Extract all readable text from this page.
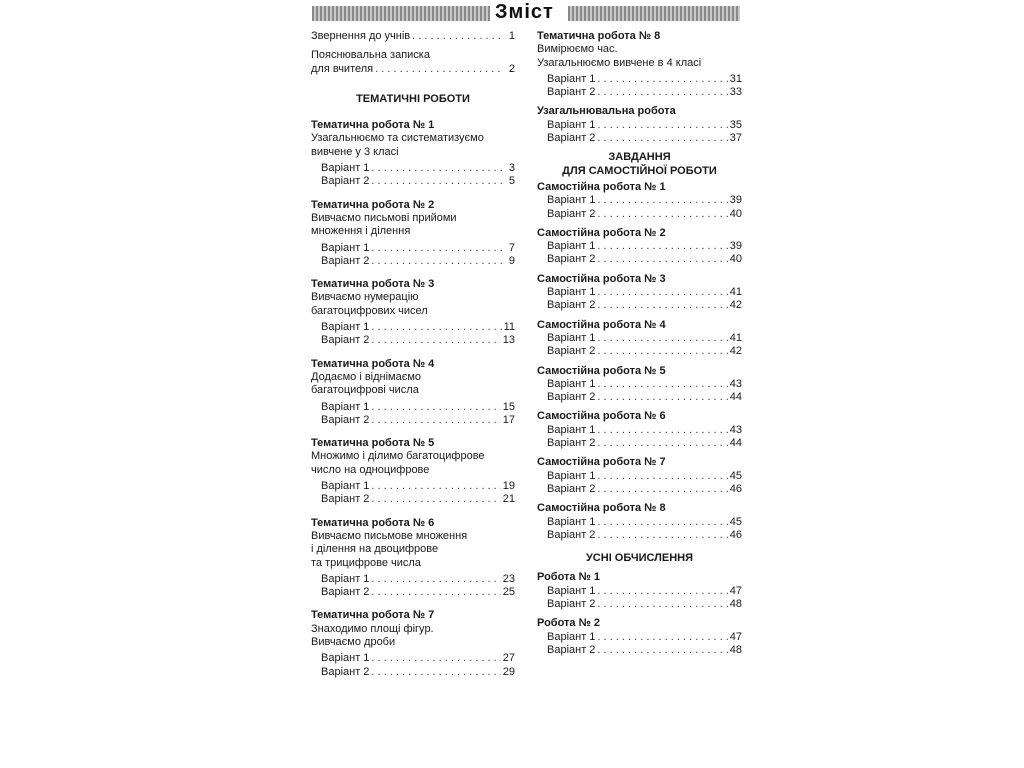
Зміст
Звернення до учнів . . .	1
Пояснювальна записка
для вчителя . . .	2
ТЕМАТИЧНІ РОБОТИ
Тематична робота № 1
Узагальнюємо та систематизуємо
вивчене у 3 класі
Варіант 1 . . .	3
Варіант 2 . . .	5
Тематична робота № 2
Вивчаємо письмові прийоми
множення і ділення
Варіант 1 . . .	7
Варіант 2 . . .	9
Тематична робота № 3
Вивчаємо нумерацію
багатоцифрових чисел
Варіант 1 . . .	11
Варіант 2 . . .	13
Тематична робота № 4
Додаємо і віднімаємо
багатоцифрові числа
Варіант 1 . . .	15
Варіант 2 . . .	17
Тематична робота № 5
Множимо і ділимо багатоцифрове
число на одноцифрове
Варіант 1 . . .	19
Варіант 2 . . .	21
Тематична робота № 6
Вивчаємо письмове множення
і ділення на двоцифрове
та трицифрове числа
Варіант 1 . . .	23
Варіант 2 . . .	25
Тематична робота № 7
Знаходимо площі фігур.
Вивчаємо дроби
Варіант 1 . . .	27
Варіант 2 . . .	29
Тематична робота № 8
Вимірюємо час.
Узагальнюємо вивчене в 4 класі
Варіант 1 . . .	31
Варіант 2 . . .	33
Узагальнювальна робота
Варіант 1 . . .	35
Варіант 2 . . .	37
ЗАВДАННЯ
ДЛЯ САМОСТІЙНОЇ РОБОТИ
Самостійна робота № 1
Варіант 1 . . .	39
Варіант 2 . . .	40
Самостійна робота № 2
Варіант 1 . . .	39
Варіант 2 . . .	40
Самостійна робота № 3
Варіант 1 . . .	41
Варіант 2 . . .	42
Самостійна робота № 4
Варіант 1 . . .	41
Варіант 2 . . .	42
Самостійна робота № 5
Варіант 1 . . .	43
Варіант 2 . . .	44
Самостійна робота № 6
Варіант 1 . . .	43
Варіант 2 . . .	44
Самостійна робота № 7
Варіант 1 . . .	45
Варіант 2 . . .	46
Самостійна робота № 8
Варіант 1 . . .	45
Варіант 2 . . .	46
УСНІ ОБЧИСЛЕННЯ
Робота № 1
Варіант 1 . . .	47
Варіант 2 . . .	48
Робота № 2
Варіант 1 . . .	47
Варіант 2 . . .	48
